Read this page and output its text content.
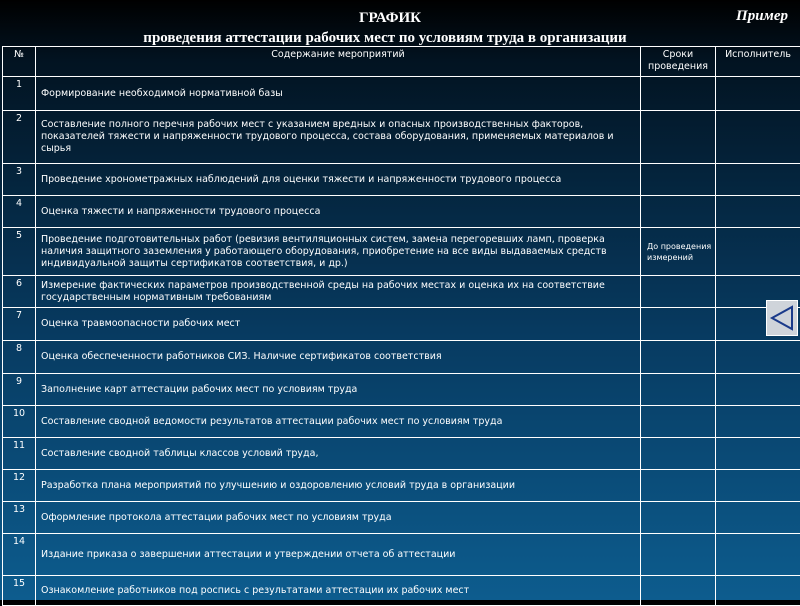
ГРАФИК
проведения аттестации рабочих мест по условиям труда в организации
Пример
№	Содержание мероприятий	Сроки проведения	Исполнитель
1	Формирование необходимой нормативной базы		
2	Составление полного перечня рабочих мест с указанием вредных и опасных производственных факторов, показателей тяжести и напряженности трудового процесса, состава оборудования, применяемых материалов и сырья		
3	Проведение хронометражных наблюдений для оценки тяжести и напряженности трудового процесса		
4	Оценка тяжести и напряженности трудового процесса		
5	Проведение подготовительных работ (ревизия вентиляционных систем, замена перегоревших ламп, проверка наличия защитного заземления у работающего оборудования, приобретение на все виды выдаваемых средств индивидуальной защиты сертификатов соответствия, и др.)	До проведения измерений	
6	Измерение фактических параметров производственной среды на рабочих местах и оценка их на соответствие государственным нормативным требованиям		
7	Оценка травмоопасности рабочих мест		
8	Оценка обеспеченности работников СИЗ. Наличие сертификатов соответствия		
9	Заполнение карт аттестации рабочих мест по условиям труда		
10	Составление сводной ведомости результатов аттестации рабочих мест по условиям труда		
11	Составление сводной таблицы классов условий труда,		
12	Разработка плана мероприятий по улучшению и оздоровлению условий труда в организации		
13	Оформление протокола аттестации рабочих мест по условиям труда		
14	Издание приказа о завершении аттестации и утверждении отчета об аттестации		
15	Ознакомление работников под роспись с результатами аттестации их рабочих мест		
